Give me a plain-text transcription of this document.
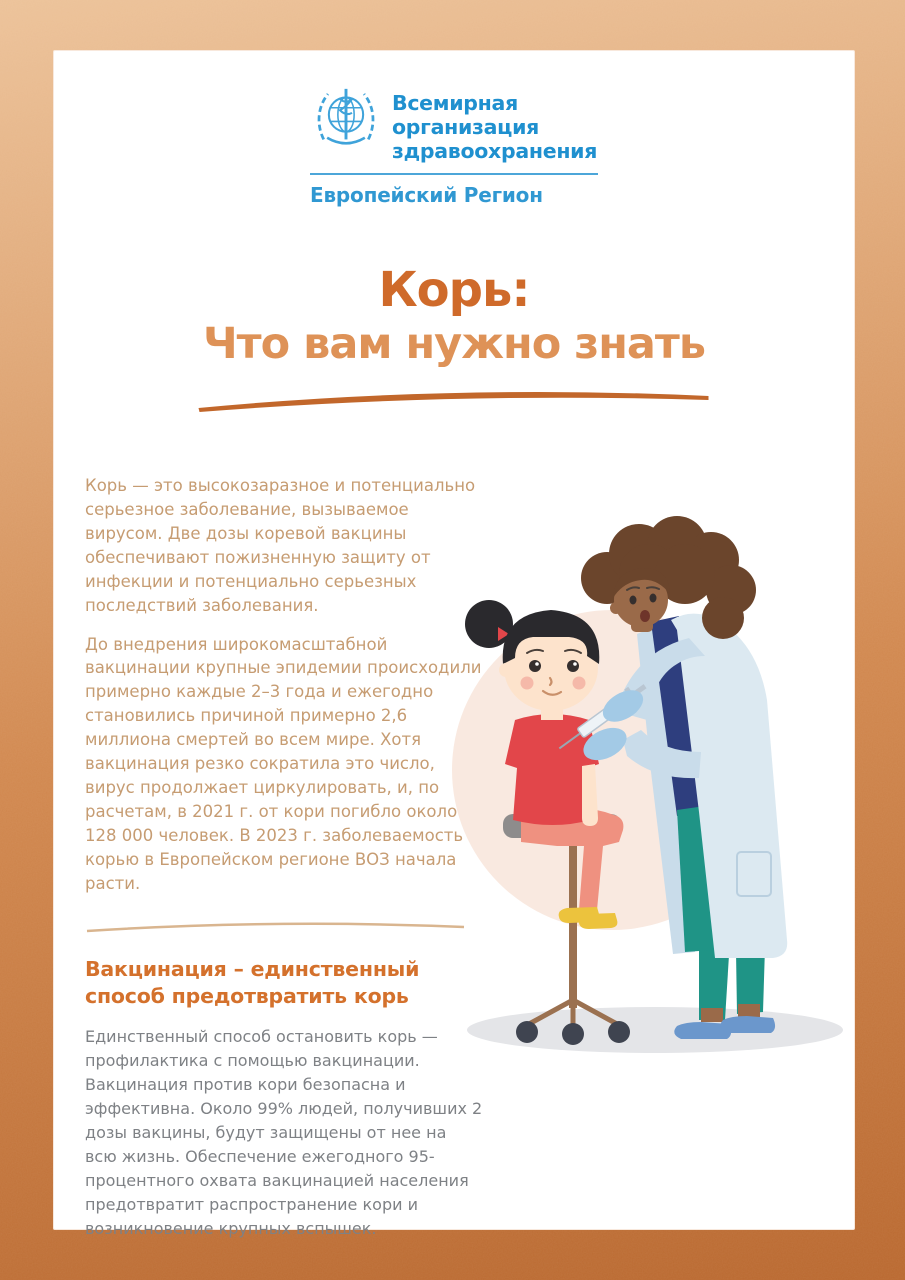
Всемирная организация
здравоохранения
Европейский Регион
Корь:
Что вам нужно знать

Корь — это высокозаразное и потенциально серьезное заболевание, вызываемое вирусом. Две дозы коревой вакцины обеспечивают пожизненную защиту от инфекции и потенциально серьезных последствий заболевания.

До внедрения широкомасштабной вакцинации крупные эпидемии происходили примерно каждые 2–3 года и ежегодно становились причиной примерно 2,6 миллиона смертей во всем мире. Хотя вакцинация резко сократила это число, вирус продолжает циркулировать, и, по расчетам, в 2021 г. от кори погибло около 128 000 человек. В 2023 г. заболеваемость корью в Европейском регионе ВОЗ начала расти.

Вакцинация – единственный способ предотвратить корь

Единственный способ остановить корь — профилактика с помощью вакцинации. Вакцинация против кори безопасна и эффективна. Около 99% людей, получивших 2 дозы вакцины, будут защищены от нее на всю жизнь. Обеспечение ежегодного 95-процентного охвата вакцинацией населения предотвратит распространение кори и возникновение крупных вспышек.
